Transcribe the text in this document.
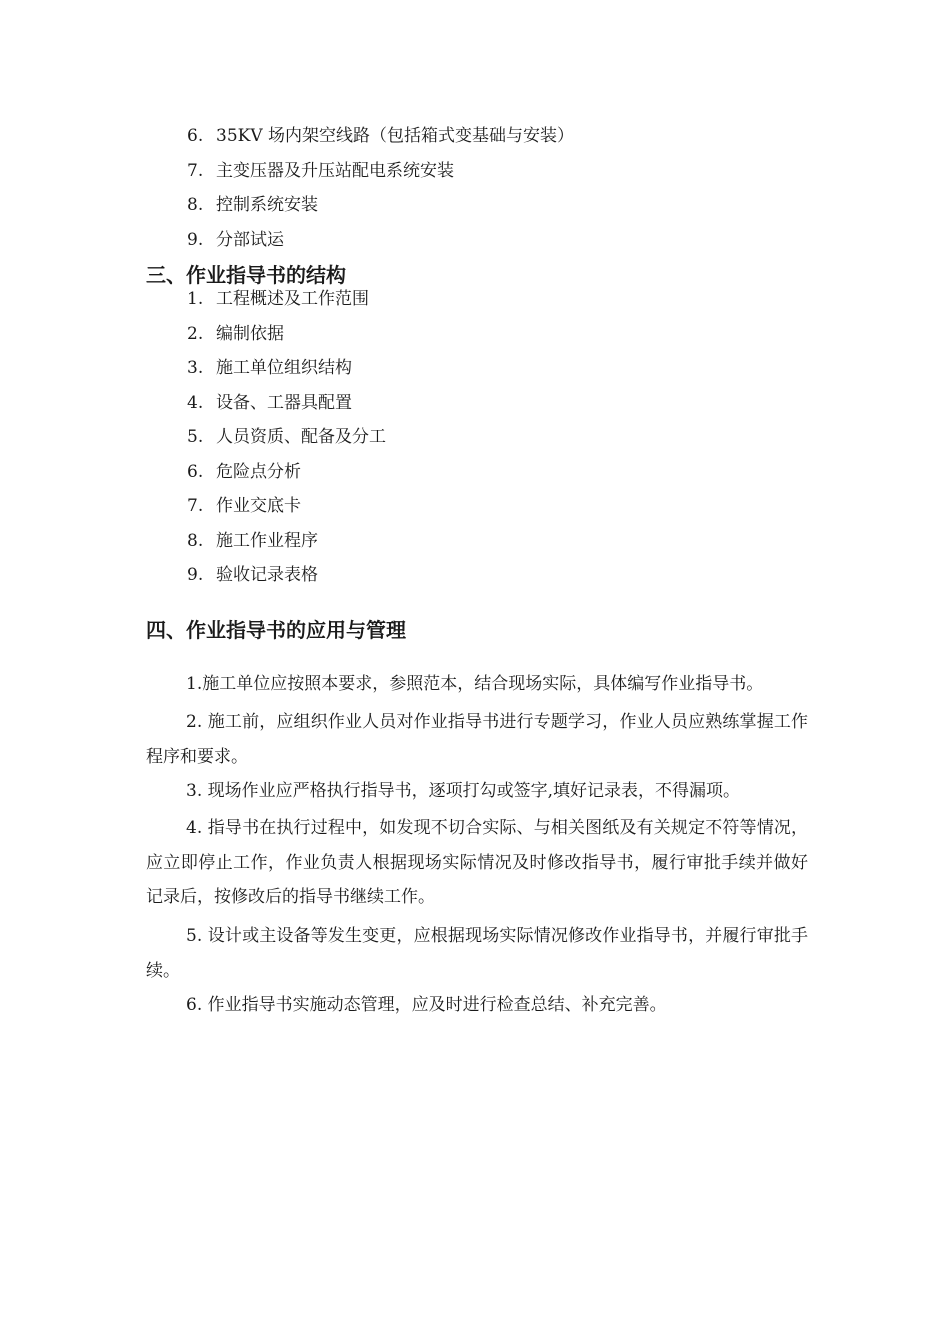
6. 35KV 场内架空线路（包括箱式变基础与安装）
7. 主变压器及升压站配电系统安装
8. 控制系统安装
9. 分部试运
三、作业指导书的结构
1. 工程概述及工作范围
2. 编制依据
3. 施工单位组织结构
4. 设备、工器具配置
5. 人员资质、配备及分工
6. 危险点分析
7. 作业交底卡
8. 施工作业程序
9. 验收记录表格
四、作业指导书的应用与管理
1.施工单位应按照本要求，参照范本，结合现场实际，具体编写作业指导书。
2. 施工前，应组织作业人员对作业指导书进行专题学习，作业人员应熟练掌握工作程序和要求。
3. 现场作业应严格执行指导书，逐项打勾或签字,填好记录表，不得漏项。
4. 指导书在执行过程中，如发现不切合实际、与相关图纸及有关规定不符等情况，应立即停止工作，作业负责人根据现场实际情况及时修改指导书，履行审批手续并做好记录后，按修改后的指导书继续工作。
5. 设计或主设备等发生变更，应根据现场实际情况修改作业指导书，并履行审批手续。
6. 作业指导书实施动态管理，应及时进行检查总结、补充完善。
